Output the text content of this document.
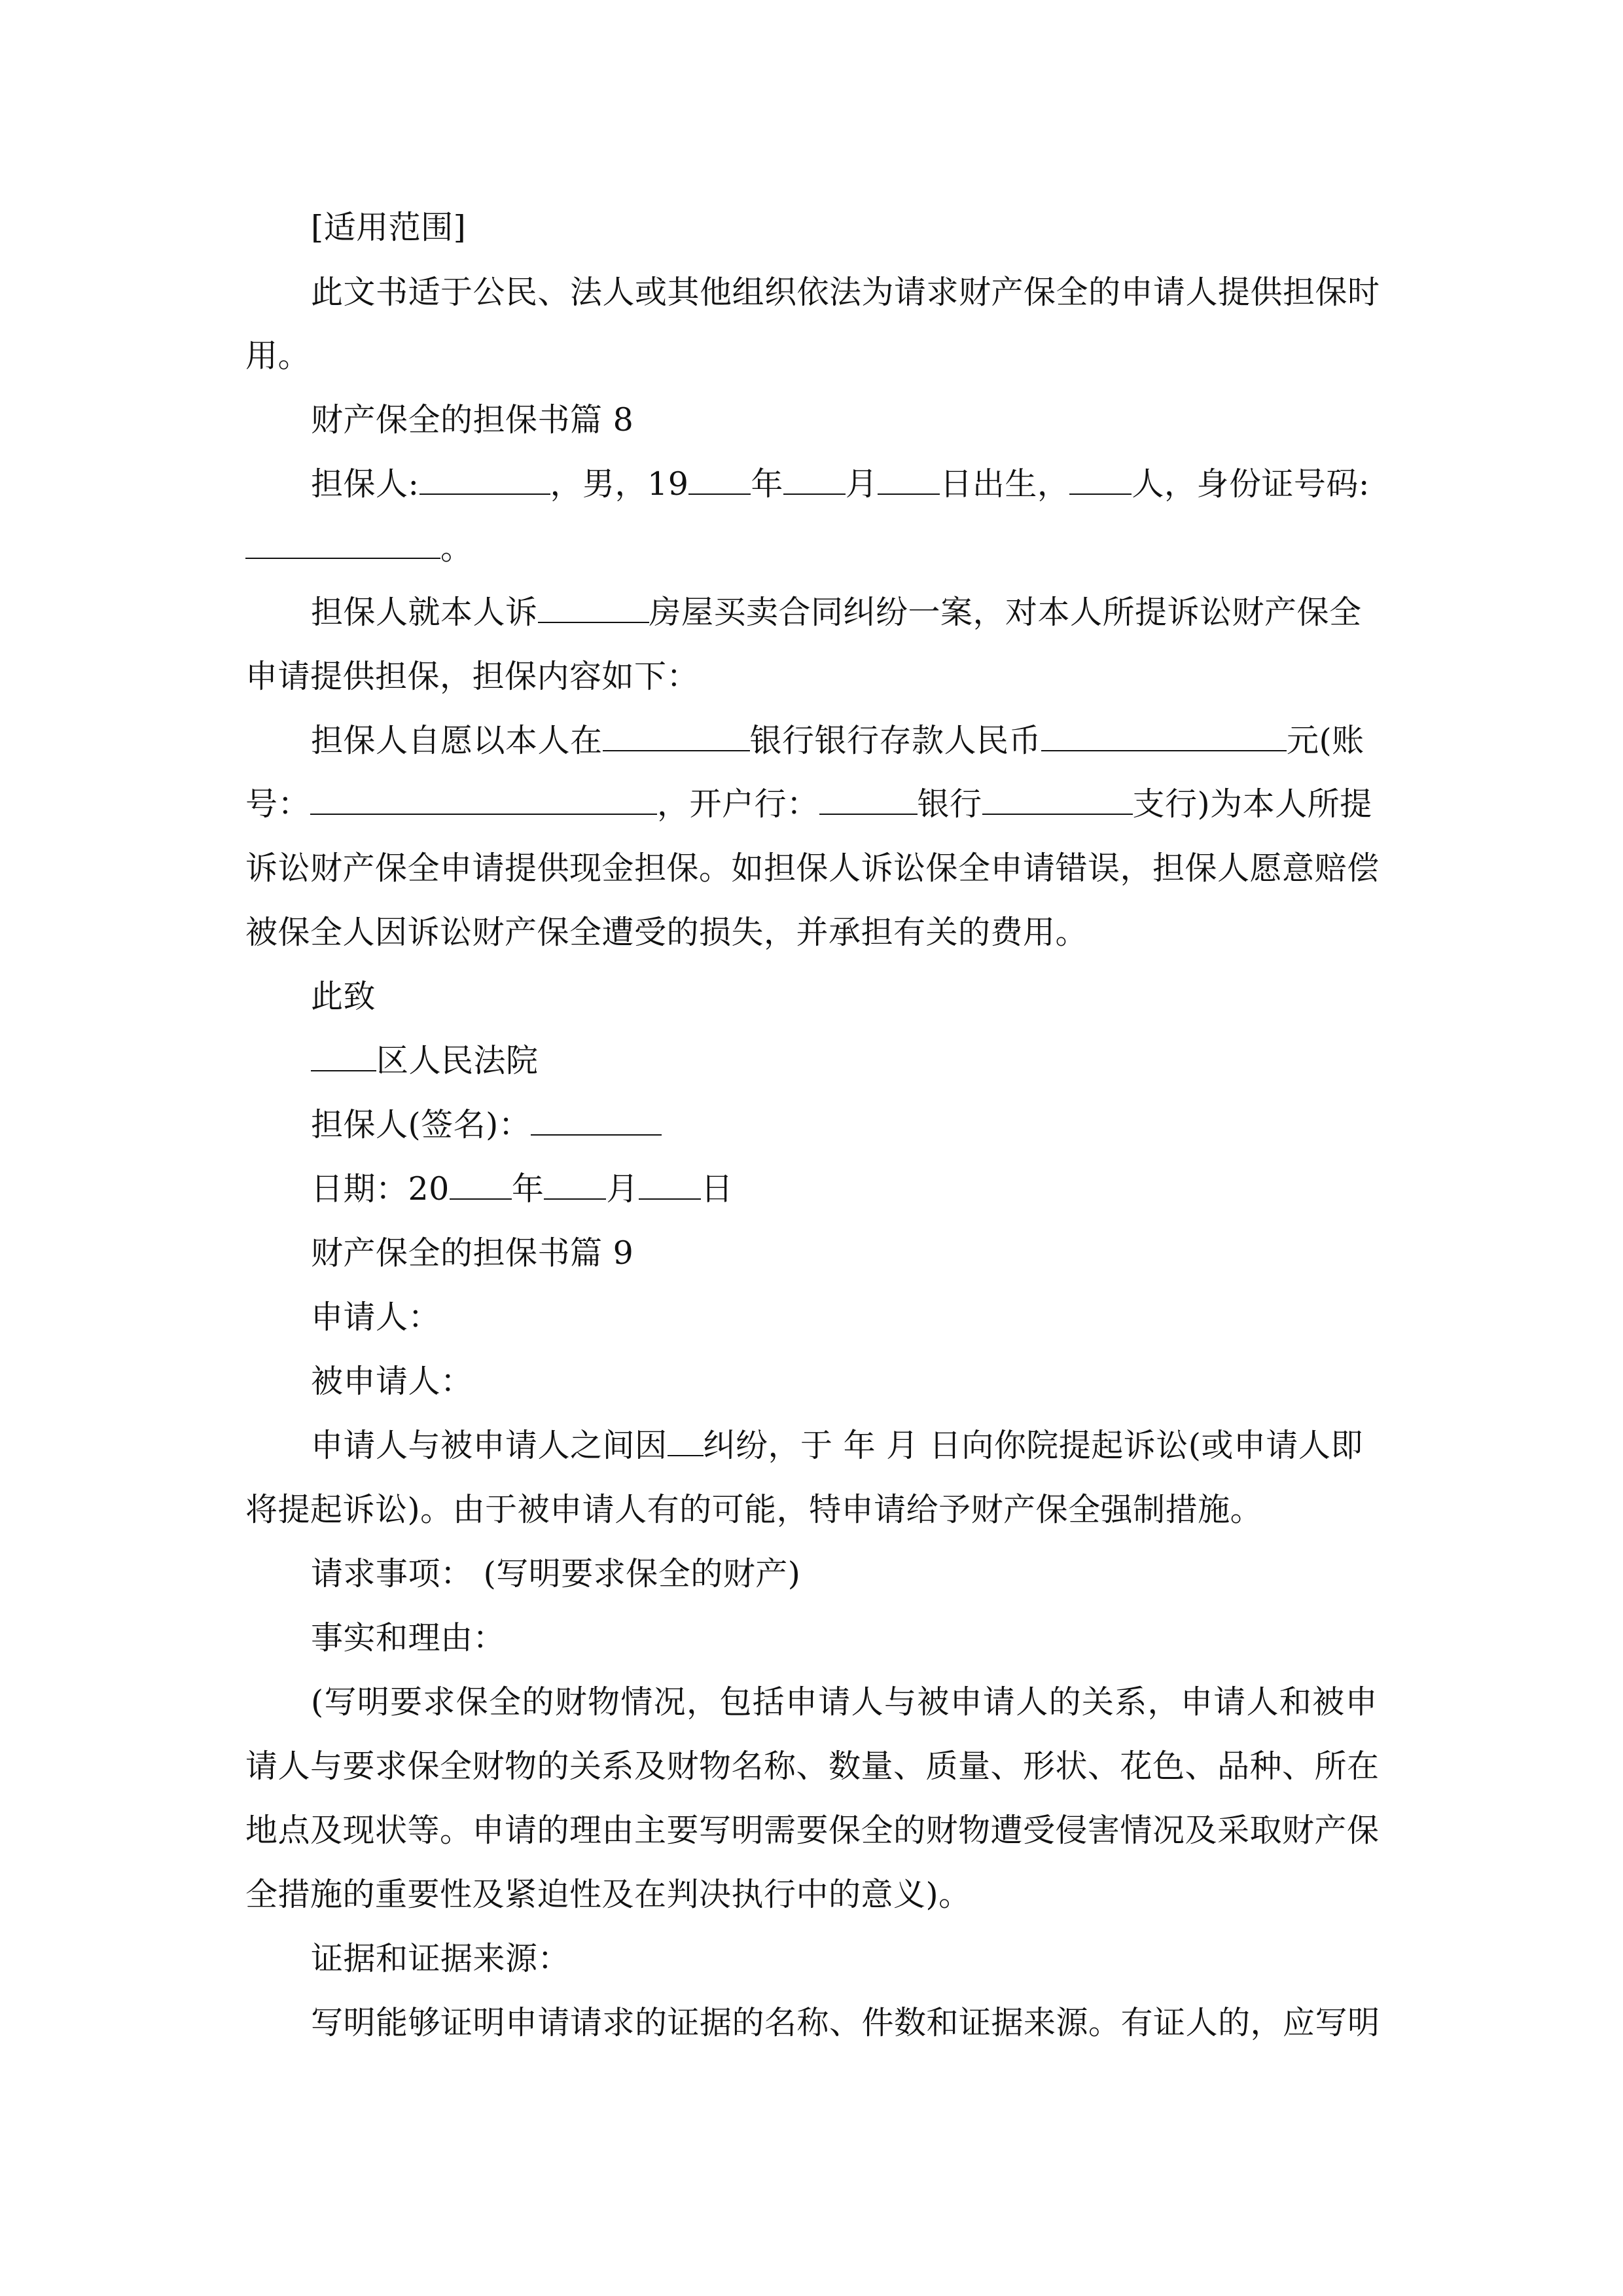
[适用范围]
此文书适于公民、法人或其他组织依法为请求财产保全的申请人提供担保时
用。
财产保全的担保书篇 8
担保人:	，男，19 年 月 日出生， 人，身份证号码:
。
担保人就本人诉	房屋买卖合同纠纷一案，对本人所提诉讼财产保全
申请提供担保，担保内容如下：
担保人自愿以本人在	银行银行存款人民币	元(账
号：	，开户行：	银行	支行)为本人所提
诉讼财产保全申请提供现金担保。如担保人诉讼保全申请错误，担保人愿意赔偿
被保全人因诉讼财产保全遭受的损失，并承担有关的费用。
此致
区人民法院
担保人(签名)：
日期：20 年 月 日
财产保全的担保书篇 9
申请人：
被申请人：
申请人与被申请人之间因 纠纷，于 年 月 日向你院提起诉讼(或申请人即
将提起诉讼)。由于被申请人有的可能，特申请给予财产保全强制措施。
请求事项： (写明要求保全的财产)
事实和理由：
(写明要求保全的财物情况，包括申请人与被申请人的关系，申请人和被申
请人与要求保全财物的关系及财物名称、数量、质量、形状、花色、品种、所在
地点及现状等。申请的理由主要写明需要保全的财物遭受侵害情况及采取财产保
全措施的重要性及紧迫性及在判决执行中的意义)。
证据和证据来源：
写明能够证明申请请求的证据的名称、件数和证据来源。有证人的，应写明
